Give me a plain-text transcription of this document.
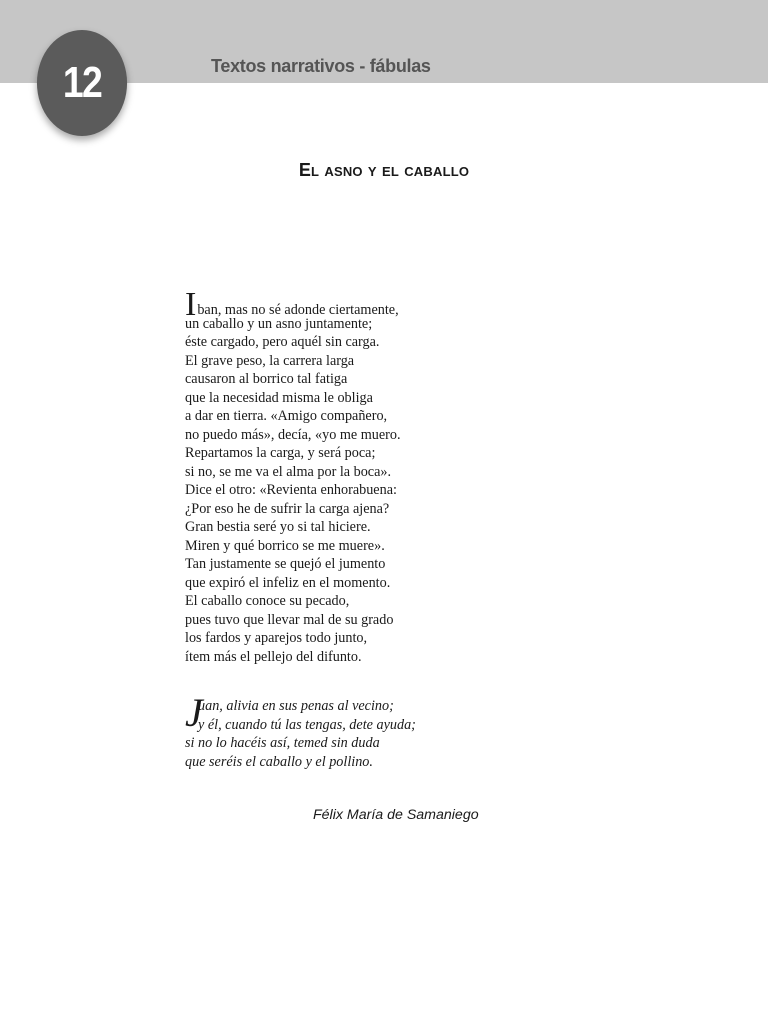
12	Textos narrativos - fábulas
El asno y el caballo
Iban, mas no sé adonde ciertamente,
un caballo y un asno juntamente;
éste cargado, pero aquél sin carga.
El grave peso, la carrera larga
causaron al borrico tal fatiga
que la necesidad misma le obliga
a dar en tierra. «Amigo compañero,
no puedo más», decía, «yo me muero.
Repartamos la carga, y será poca;
si no, se me va el alma por la boca».
Dice el otro: «Revienta enhorabuena:
¿Por eso he de sufrir la carga ajena?
Gran bestia seré yo si tal hiciere.
Miren y qué borrico se me muere».
Tan justamente se quejó el jumento
que expiró el infeliz en el momento.
El caballo conoce su pecado,
pues tuvo que llevar mal de su grado
los fardos y aparejos todo junto,
ítem más el pellejo del difunto.
J
uan, alivia en sus penas al vecino;
y él, cuando tú las tengas, dete ayuda;
si no lo hacéis así, temed sin duda
que seréis el caballo y el pollino.
Félix María de Samaniego
